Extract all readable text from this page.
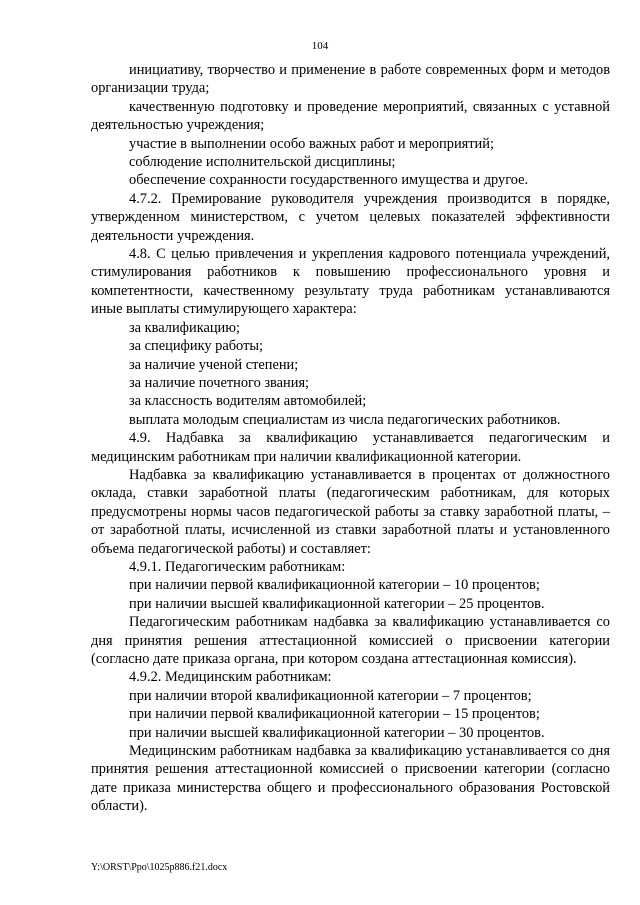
104

инициативу, творчество и применение в работе современных форм и методов организации труда;

качественную подготовку и проведение мероприятий, связанных с уставной деятельностью учреждения;

участие в выполнении особо важных работ и мероприятий;

соблюдение исполнительской дисциплины;

обеспечение сохранности государственного имущества и другое.

4.7.2. Премирование руководителя учреждения производится в порядке, утвержденном министерством, с учетом целевых показателей эффективности деятельности учреждения.

4.8. С целью привлечения и укрепления кадрового потенциала учреждений, стимулирования работников к повышению профессионального уровня и компетентности, качественному результату труда работникам устанавливаются иные выплаты стимулирующего характера:

за квалификацию;

за специфику работы;

за наличие ученой степени;

за наличие почетного звания;

за классность водителям автомобилей;

выплата молодым специалистам из числа педагогических работников.

4.9. Надбавка за квалификацию устанавливается педагогическим и медицинским работникам при наличии квалификационной категории.

Надбавка за квалификацию устанавливается в процентах от должностного оклада, ставки заработной платы (педагогическим работникам, для которых предусмотрены нормы часов педагогической работы за ставку заработной платы, – от заработной платы, исчисленной из ставки заработной платы и установленного объема педагогической работы) и составляет:

4.9.1. Педагогическим работникам:

при наличии первой квалификационной категории – 10 процентов;

при наличии высшей квалификационной категории – 25 процентов.

Педагогическим работникам надбавка за квалификацию устанавливается со дня принятия решения аттестационной комиссией о присвоении категории (согласно дате приказа органа, при котором создана аттестационная комиссия).

4.9.2. Медицинским работникам:

при наличии второй квалификационной категории – 7 процентов;

при наличии первой квалификационной категории – 15 процентов;

при наличии высшей квалификационной категории – 30 процентов.

Медицинским работникам надбавка за квалификацию устанавливается со дня принятия решения аттестационной комиссией о присвоении категории (согласно дате приказа министерства общего и профессионального образования Ростовской области).

Y:\ORST\Ppo\1025p886.f21.docx
